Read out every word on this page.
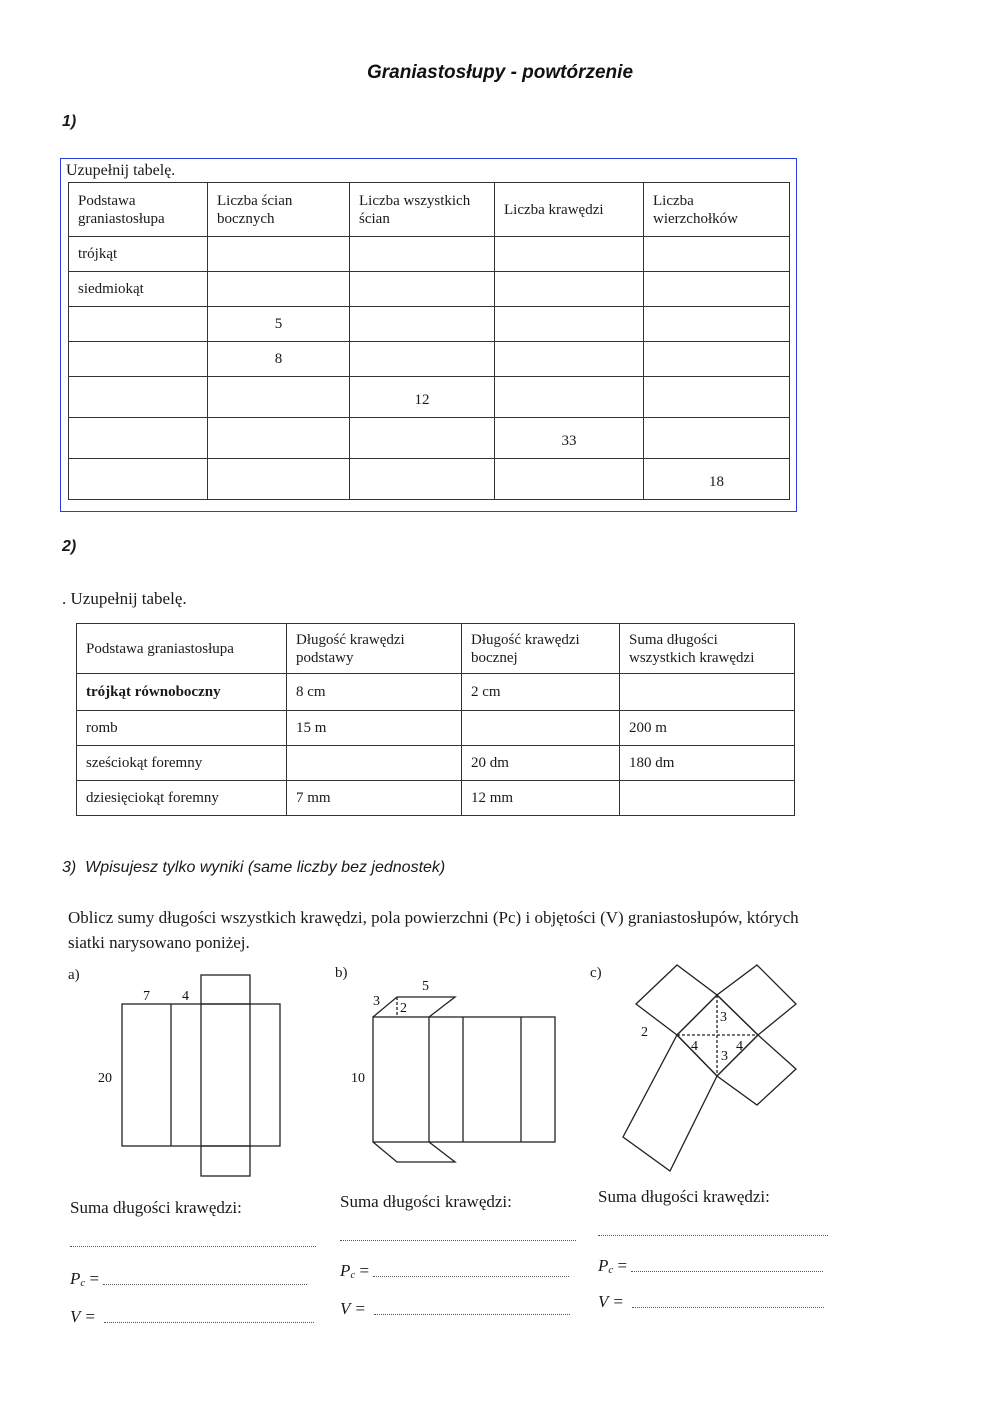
Graniastosłupy - powtórzenie
1)
Uzupełnij tabelę.
Podstawa graniastosłupa	Liczba ścian bocznych	Liczba wszystkich ścian	Liczba krawędzi	Liczba wierzchołków
trójkąt				
siedmiokąt				
	5			
	8			
		12		
			33	
				18
2)
. Uzupełnij tabelę.
Podstawa graniastosłupa	Długość krawędzi podstawy	Długość krawędzi bocznej	Suma długości wszystkich krawędzi
trójkąt równoboczny	8 cm	2 cm	
romb	15 m		200 m
sześciokąt foremny		20 dm	180 dm
dziesięciokąt foremny	7 mm	12 mm	
3) Wpisujesz tylko wyniki (same liczby bez jednostek)
Oblicz sumy długości wszystkich krawędzi, pola powierzchni (Pc) i objętości (V) graniastosłupów, których siatki narysowano poniżej.
a)
7 4
20
b)
5
3 2
10
c)
2
3
4	4
3
Suma długości krawędzi:
$P_c$ =
V =
Suma długości krawędzi:
$P_c$ =
V =
Suma długości krawędzi:
$P_c$ =
V =
